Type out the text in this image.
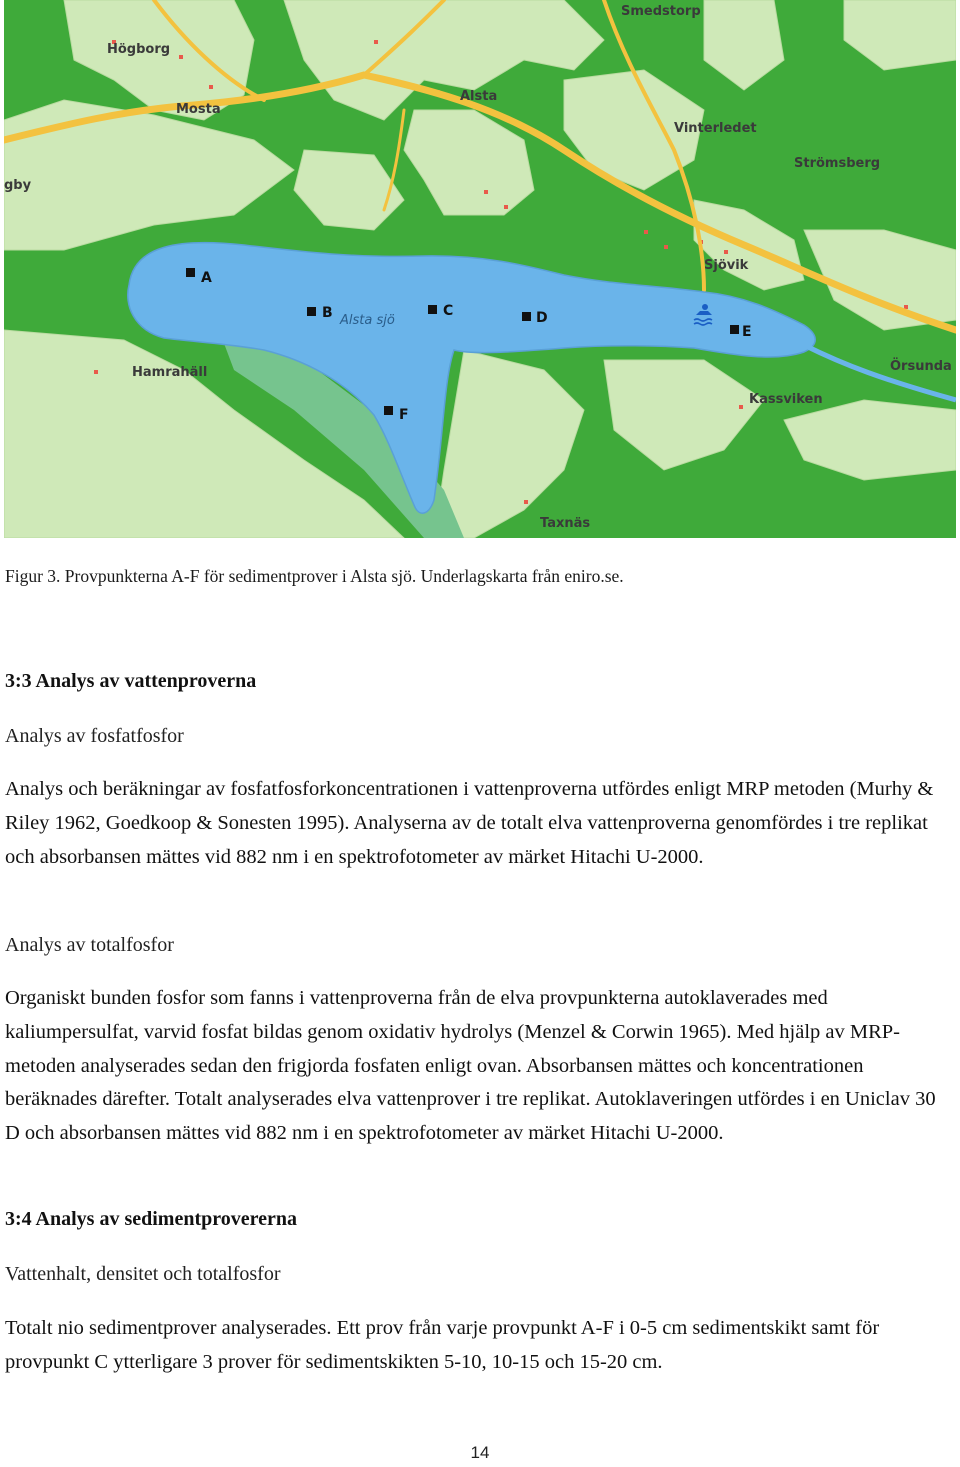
Smedstorp
Högborg
Mosta
Alsta
Vinterledet
Strömsberg
gby
Sjövik
Hamrahäll	Örsunda
Kassviken
Taxnäs
Alsta sjö
A
B	C	D
E
F
Figur 3. Provpunkterna A-F för sedimentprover i Alsta sjö. Underlagskarta från eniro.se.
3:3 Analys av vattenproverna
Analys av fosfatfosfor

Analys och beräkningar av fosfatfosforkoncentrationen i vattenproverna utfördes enligt MRP metoden (Murhy & Riley 1962, Goedkoop & Sonesten 1995). Analyserna av de totalt elva vattenproverna genomfördes i tre replikat och absorbansen mättes vid 882 nm i en spektrofotometer av märket Hitachi U-2000.

Analys av totalfosfor

Organiskt bunden fosfor som fanns i vattenproverna från de elva provpunkterna autoklaverades med kaliumpersulfat, varvid fosfat bildas genom oxidativ hydrolys (Menzel & Corwin 1965). Med hjälp av MRP-metoden analyserades sedan den frigjorda fosfaten enligt ovan. Absorbansen mättes och koncentrationen beräknades därefter. Totalt analyserades elva vattenprover i tre replikat. Autoklaveringen utfördes i en Uniclav 30 D och absorbansen mättes vid 882 nm i en spektrofotometer av märket Hitachi U-2000.

3:4 Analys av sedimentprovererna
Vattenhalt, densitet och totalfosfor

Totalt nio sedimentprover analyserades. Ett prov från varje provpunkt A-F i 0-5 cm sedimentskikt samt för provpunkt C ytterligare 3 prover för sedimentskikten 5-10, 10-15 och 15-20 cm.

14
